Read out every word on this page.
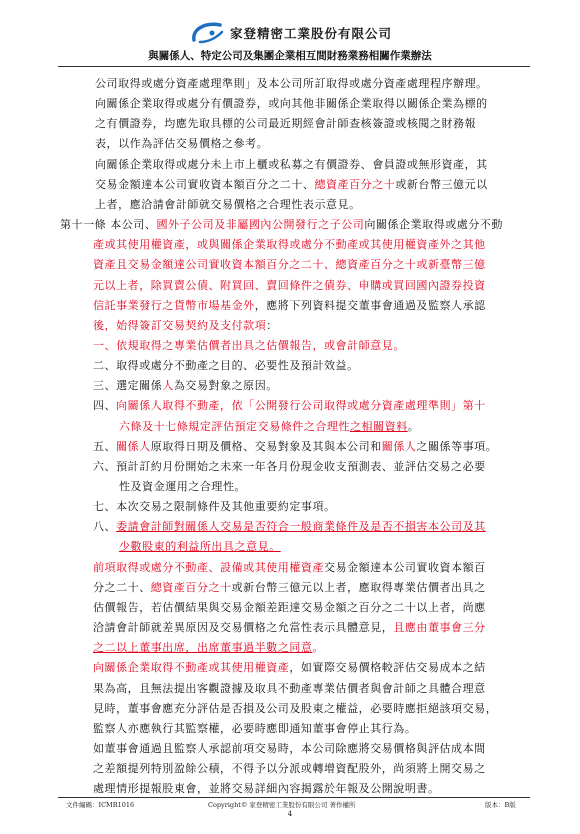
家登精密工業股份有限公司
與關係人、特定公司及集團企業相互間財務業務相關作業辦法
公司取得或處分資產處理準則」及本公司所訂取得或處分資產處理程序辦理。
向關係企業取得或處分有價證券，或向其他非關係企業取得以關係企業為標的
之有價證券，均應先取具標的公司最近期經會計師查核簽證或核閱之財務報
表，以作為評估交易價格之參考。
向關係企業取得或處分未上市上櫃或私募之有價證券、會員證或無形資產，其
交易金額達本公司實收資本額百分之二十、總資產百分之十或新台幣三億元以
上者，應洽請會計師就交易價格之合理性表示意見。
第十一條 本公司、國外子公司及非屬國內公開發行之子公司向關係企業取得或處分不動
產或其使用權資產，或與關係企業取得或處分不動產或其使用權資產外之其他
資產且交易金額達公司實收資本額百分之二十、總資產百分之十或新臺幣三億
元以上者，除買賣公債、附買回、賣回條件之債券、申購或買回國內證券投資
信託事業發行之貨幣市場基金外，應將下列資料提交董事會通過及監察人承認
後，始得簽訂交易契約及支付款項：
一、依規取得之專業估價者出具之估價報告，或會計師意見。
二、取得或處分不動產之目的、必要性及預計效益。
三、選定關係人為交易對象之原因。
四、向關係人取得不動產，依「公開發行公司取得或處分資產處理準則」第十
六條及十七條規定評估預定交易條件之合理性之相關資料。
五、關係人原取得日期及價格、交易對象及其與本公司和關係人之關係等事項。
六、預計訂約月份開始之未來一年各月份現金收支預測表、並評估交易之必要
性及資金運用之合理性。
七、本次交易之限制條件及其他重要約定事項。
八、委請會計師對關係人交易是否符合一般商業條件及是否不損害本公司及其
少數股東的利益所出具之意見。
前項取得或處分不動產、設備或其使用權資產交易金額達本公司實收資本額百
分之二十、總資產百分之十或新台幣三億元以上者，應取得專業估價者出具之
估價報告，若估價結果與交易金額差距達交易金額之百分之二十以上者，尚應
洽請會計師就差異原因及交易價格之允當性表示具體意見，且應由董事會三分
之二以上董事出席，出席董事過半數之同意。
向關係企業取得不動產或其使用權資產，如實際交易價格較評估交易成本之結
果為高，且無法提出客觀證據及取具不動產專業估價者與會計師之具體合理意
見時，董事會應充分評估是否損及公司及股東之權益，必要時應拒絕該項交易，
監察人亦應執行其監察權，必要時應即通知董事會停止其行為。
如董事會通過且監察人承認前項交易時，本公司除應將交易價格與評估成本間
之差額提列特別盈餘公積，不得予以分派或轉增資配股外，尚須將上開交易之
處理情形提報股東會，並將交易詳細內容揭露於年報及公開說明書。
文件編碼：ICMR1016	Copyright© 家登精密工業股份有限公司 著作權所	版本：B版
4
